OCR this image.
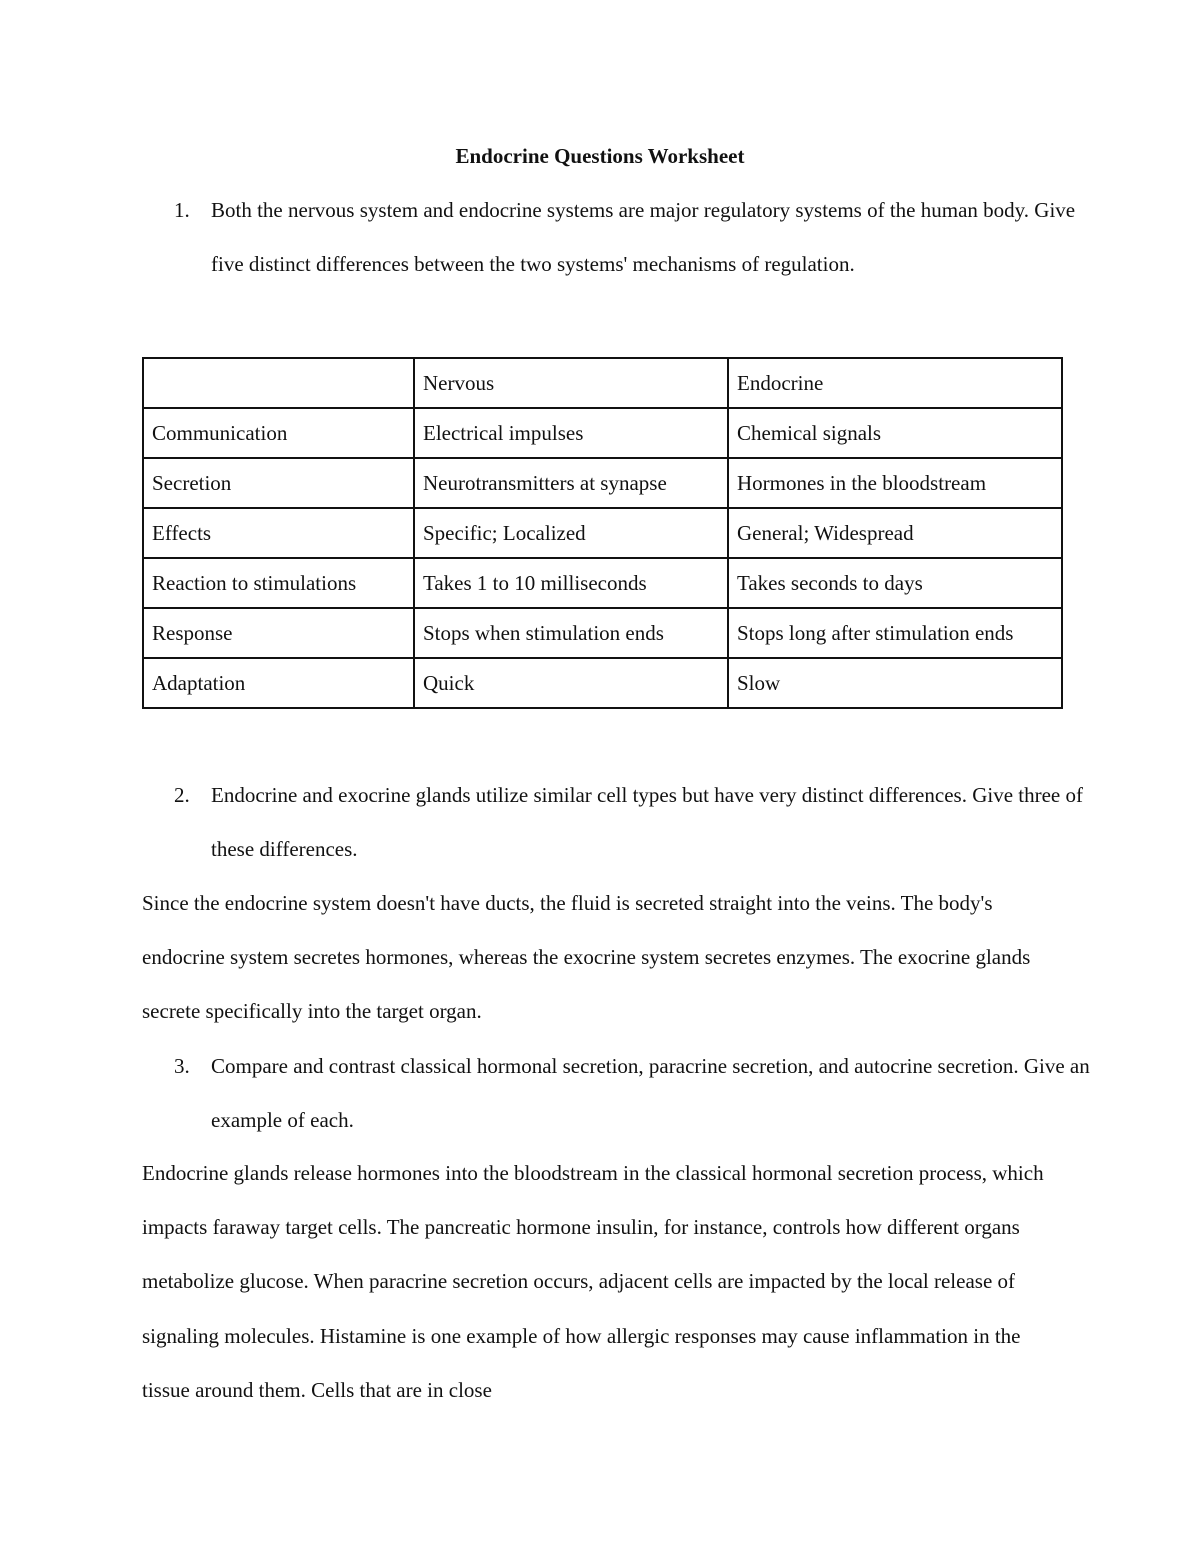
Endocrine Questions Worksheet
1. Both the nervous system and endocrine systems are major regulatory systems of the human body. Give five distinct differences between the two systems' mechanisms of regulation.
	Nervous	Endocrine
Communication	Electrical impulses	Chemical signals
Secretion	Neurotransmitters at synapse	Hormones in the bloodstream
Effects	Specific; Localized	General; Widespread
Reaction to stimulations	Takes 1 to 10 milliseconds	Takes seconds to days
Response	Stops when stimulation ends	Stops long after stimulation ends
Adaptation	Quick	Slow
2. Endocrine and exocrine glands utilize similar cell types but have very distinct differences. Give three of these differences.
Since the endocrine system doesn't have ducts, the fluid is secreted straight into the veins. The body's endocrine system secretes hormones, whereas the exocrine system secretes enzymes. The exocrine glands secrete specifically into the target organ.
3. Compare and contrast classical hormonal secretion, paracrine secretion, and autocrine secretion. Give an example of each.
Endocrine glands release hormones into the bloodstream in the classical hormonal secretion process, which impacts faraway target cells. The pancreatic hormone insulin, for instance, controls how different organs metabolize glucose. When paracrine secretion occurs, adjacent cells are impacted by the local release of signaling molecules. Histamine is one example of how allergic responses may cause inflammation in the tissue around them. Cells that are in close
